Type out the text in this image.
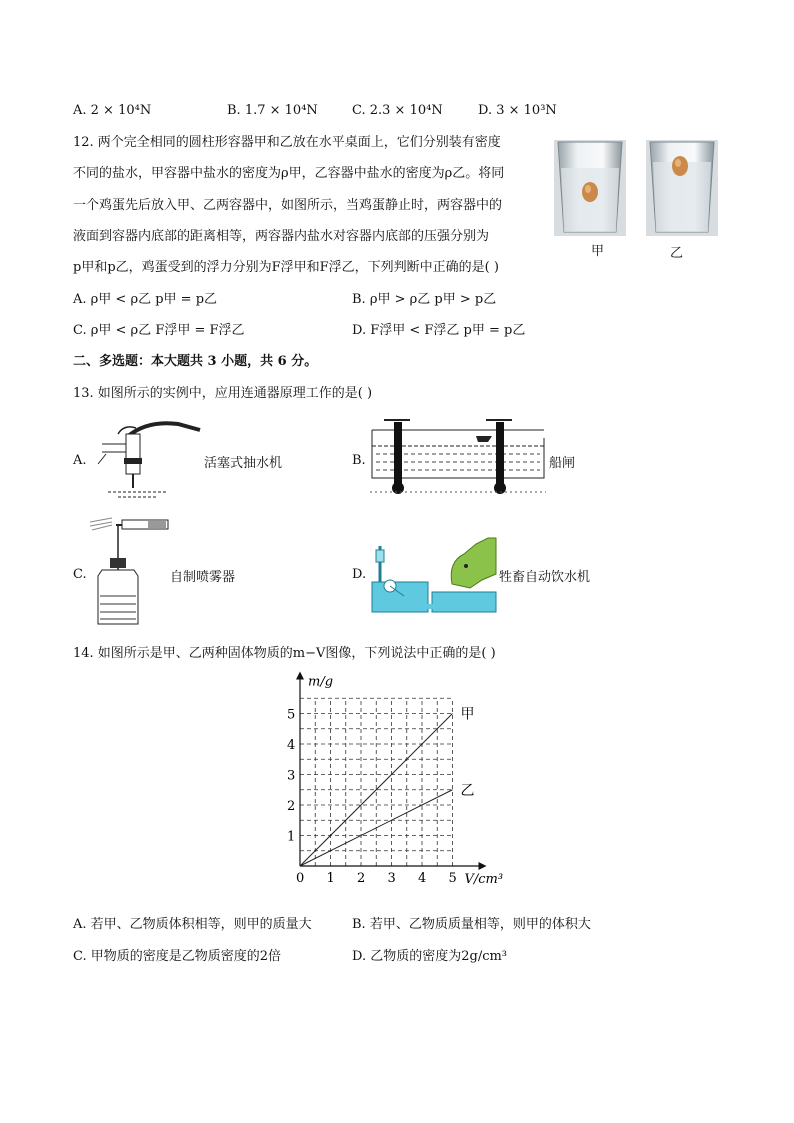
A. 2 × 10⁴N	B. 1.7 × 10⁴N	C. 2.3 × 10⁴N	D. 3 × 10³N
12. 两个完全相同的圆柱形容器甲和乙放在水平桌面上，它们分别装有密度
不同的盐水，甲容器中盐水的密度为ρ甲，乙容器中盐水的密度为ρ乙。将同
一个鸡蛋先后放入甲、乙两容器中，如图所示，当鸡蛋静止时，两容器中的
液面到容器内底部的距离相等，两容器内盐水对容器内底部的压强分别为
p甲和p乙，鸡蛋受到的浮力分别为F浮甲和F浮乙，下列判断中正确的是( )
甲	乙
A. ρ甲 < ρ乙 p甲 = p乙	B. ρ甲 > ρ乙 p甲 > p乙
C. ρ甲 < ρ乙 F浮甲 = F浮乙	D. F浮甲 < F浮乙 p甲 = p乙
二、多选题：本大题共 3 小题，共 6 分。
13. 如图所示的实例中，应用连通器原理工作的是( )
A.	活塞式抽水机	B.	船闸
C.	自制喷雾器	D.	牲畜自动饮水机
14. 如图所示是甲、乙两种固体物质的m−V图像，下列说法中正确的是( )
0 1 2 3 4 5
1
2
3
4
5
m/g
V/cm³
甲
乙
A. 若甲、乙物质体积相等，则甲的质量大	B. 若甲、乙物质质量相等，则甲的体积大
C. 甲物质的密度是乙物质密度的2倍	D. 乙物质的密度为2g/cm³
